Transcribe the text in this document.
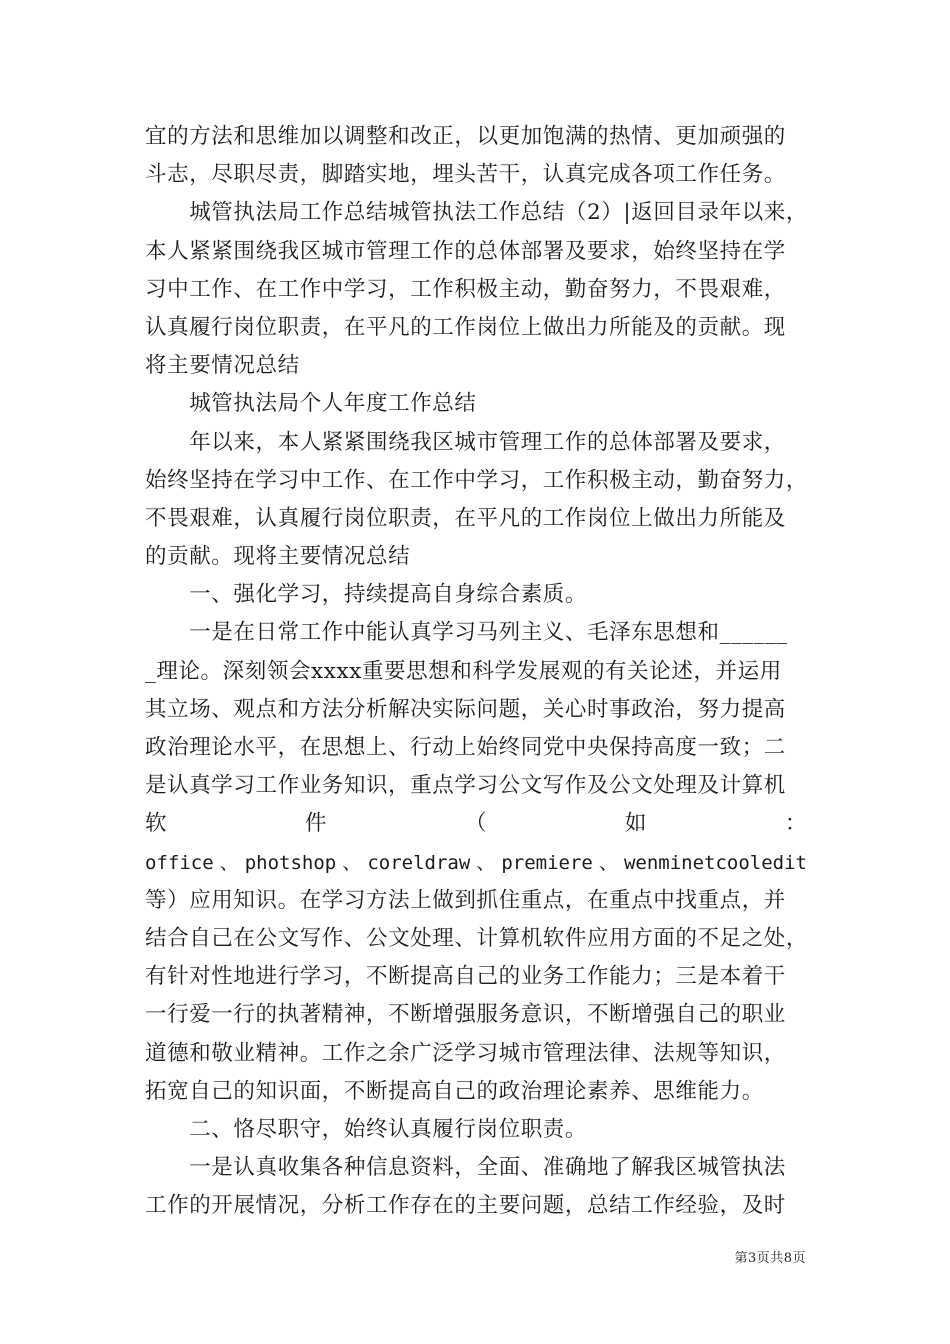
宜的方法和思维加以调整和改正，以更加饱满的热情、更加顽强的
斗志，尽职尽责，脚踏实地，埋头苦干，认真完成各项工作任务。
　　城管执法局工作总结城管执法工作总结（2）|返回目录年以来，
本人紧紧围绕我区城市管理工作的总体部署及要求，始终坚持在学
习中工作、在工作中学习，工作积极主动，勤奋努力，不畏艰难，
认真履行岗位职责，在平凡的工作岗位上做出力所能及的贡献。现
将主要情况总结
　　城管执法局个人年度工作总结
　　年以来，本人紧紧围绕我区城市管理工作的总体部署及要求，
始终坚持在学习中工作、在工作中学习，工作积极主动，勤奋努力，
不畏艰难，认真履行岗位职责，在平凡的工作岗位上做出力所能及
的贡献。现将主要情况总结
　　一、强化学习，持续提高自身综合素质。
　　一是在日常工作中能认真学习马列主义、毛泽东思想和______
_理论。深刻领会xxxx重要思想和科学发展观的有关论述，并运用
其立场、观点和方法分析解决实际问题，关心时事政治，努力提高
政治理论水平，在思想上、行动上始终同党中央保持高度一致；二
是认真学习工作业务知识，重点学习公文写作及公文处理及计算机
软	件	（	如	：
office 、 photshop 、 coreldraw 、 premiere 、 wenminetcooledit
等）应用知识。在学习方法上做到抓住重点，在重点中找重点，并
结合自己在公文写作、公文处理、计算机软件应用方面的不足之处，
有针对性地进行学习，不断提高自己的业务工作能力；三是本着干
一行爱一行的执著精神，不断增强服务意识，不断增强自己的职业
道德和敬业精神。工作之余广泛学习城市管理法律、法规等知识，
拓宽自己的知识面，不断提高自己的政治理论素养、思维能力。
　　二、恪尽职守，始终认真履行岗位职责。
　　一是认真收集各种信息资料，全面、准确地了解我区城管执法
工作的开展情况，分析工作存在的主要问题，总结工作经验，及时
第3页共8页
